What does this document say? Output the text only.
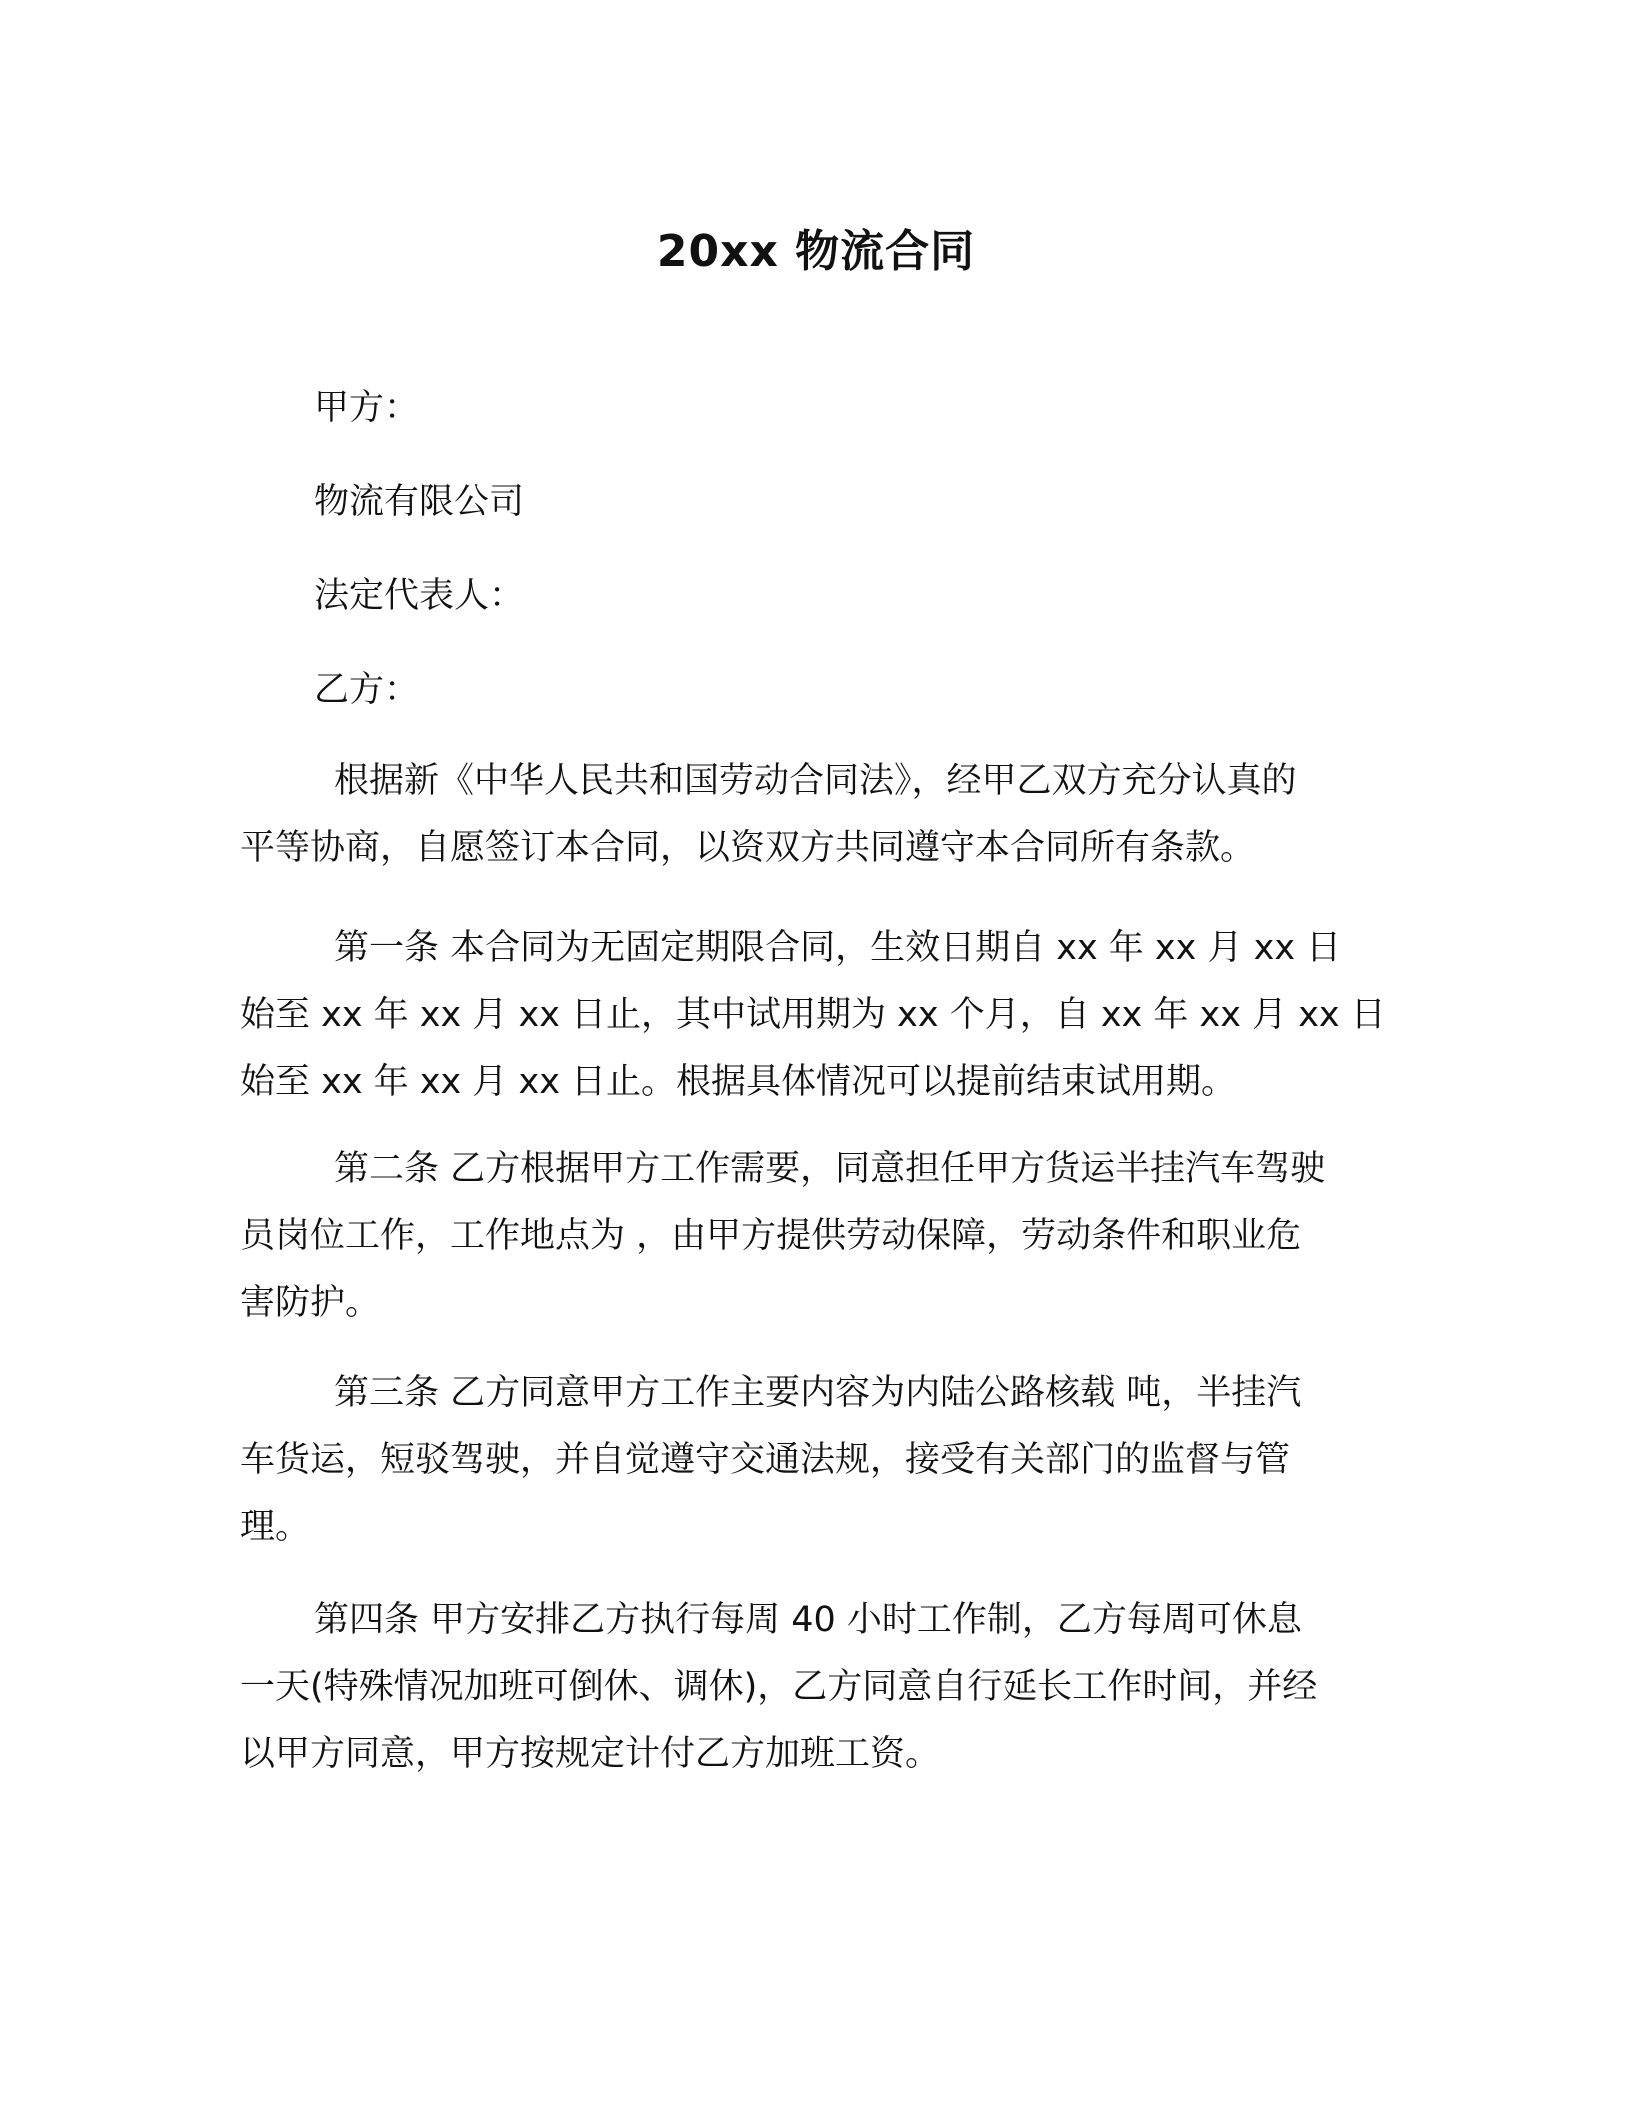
20xx 物流合同

甲方：

物流有限公司

法定代表人：

乙方：

根据新《中华人民共和国劳动合同法》，经甲乙双方充分认真的
平等协商，自愿签订本合同，以资双方共同遵守本合同所有条款。
第一条 本合同为无固定期限合同，生效日期自 xx 年 xx 月 xx 日
始至 xx 年 xx 月 xx 日止，其中试用期为 xx 个月，自 xx 年 xx 月 xx 日
始至 xx 年 xx 月 xx 日止。根据具体情况可以提前结束试用期。
第二条 乙方根据甲方工作需要，同意担任甲方货运半挂汽车驾驶
员岗位工作，工作地点为 ，由甲方提供劳动保障，劳动条件和职业危
害防护。
第三条 乙方同意甲方工作主要内容为内陆公路核载 吨，半挂汽
车货运，短驳驾驶，并自觉遵守交通法规，接受有关部门的监督与管
理。
第四条 甲方安排乙方执行每周 40 小时工作制，乙方每周可休息
一天(特殊情况加班可倒休、调休)，乙方同意自行延长工作时间，并经
以甲方同意，甲方按规定计付乙方加班工资。
